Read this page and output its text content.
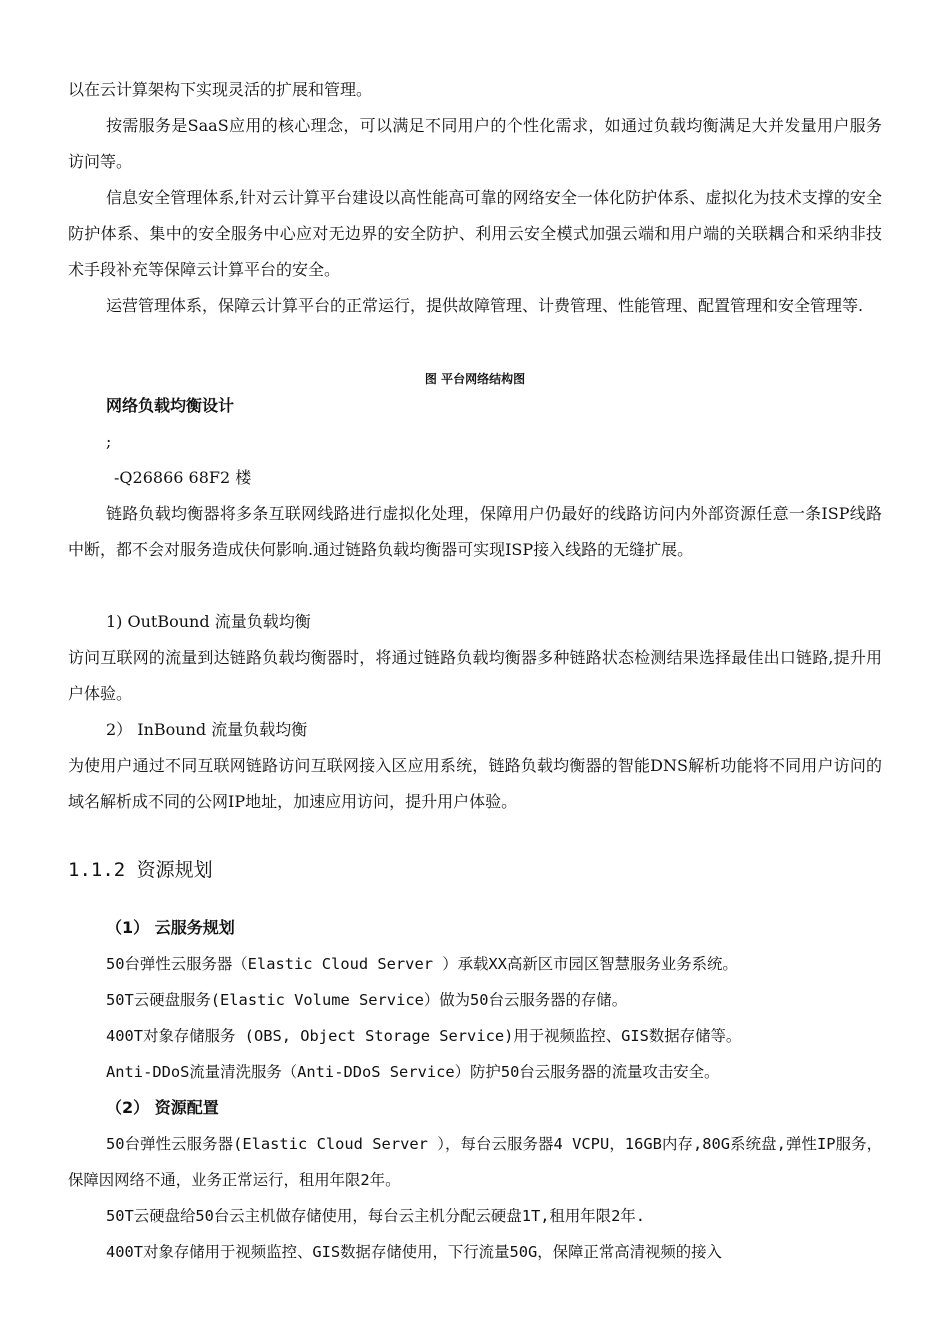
以在云计算架构下实现灵活的扩展和管理。

按需服务是SaaS应用的核心理念，可以满足不同用户的个性化需求，如通过负载均衡满足大并发量用户服务访问等。

信息安全管理体系,针对云计算平台建设以高性能高可靠的网络安全一体化防护体系、虚拟化为技术支撑的安全防护体系、集中的安全服务中心应对无边界的安全防护、利用云安全模式加强云端和用户端的关联耦合和采纳非技术手段补充等保障云计算平台的安全。

运营管理体系，保障云计算平台的正常运行，提供故障管理、计费管理、性能管理、配置管理和安全管理等.

图 平台网络结构图

网络负载均衡设计

;

-Q26866 68F2 楼

链路负载均衡器将多条互联网线路进行虚拟化处理，保障用户仍最好的线路访问内外部资源任意一条ISP线路中断，都不会对服务造成伕何影响.通过链路负载均衡器可实现ISP接入线路的无缝扩展。

1) OutBound 流量负载均衡

访问互联网的流量到达链路负载均衡器时，将通过链路负载均衡器多种链路状态检测结果选择最佳出口链路,提升用户体验。

2） InBound 流量负载均衡

为使用户通过不同互联网链路访问互联网接入区应用系统，链路负载均衡器的智能DNS解析功能将不同用户访问的域名解析成不同的公网IP地址，加速应用访问，提升用户体验。

1.1.2 资源规划

（1） 云服务规划

50台弹性云服务器（Elastic Cloud Server ）承载XX高新区市园区智慧服务业务系统。

50T云硬盘服务(Elastic Volume Service）做为50台云服务器的存储。

400T对象存储服务 (OBS, Object Storage Service)用于视频监控、GIS数据存储等。

Anti-DDoS流量清洗服务（Anti-DDoS Service）防护50台云服务器的流量攻击安全。

（2） 资源配置

50台弹性云服务器(Elastic Cloud Server ），每台云服务器4 VCPU，16GB内存,80G系统盘,弹性IP服务，保障因网络不通，业务正常运行，租用年限2年。

50T云硬盘给50台云主机做存储使用，每台云主机分配云硬盘1T,租用年限2年.

400T对象存储用于视频监控、GIS数据存储使用，下行流量50G，保障正常高清视频的接入
